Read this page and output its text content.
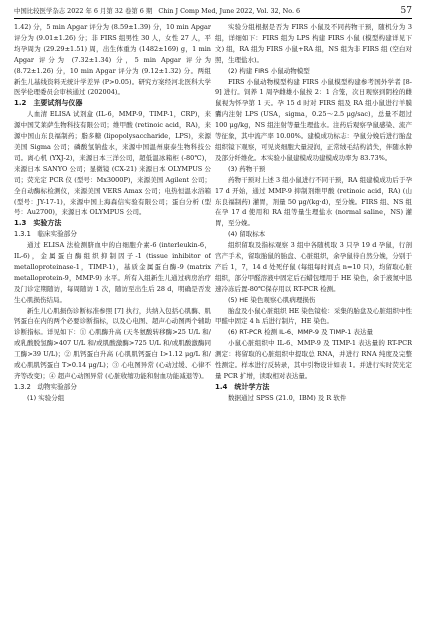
中国比较医学杂志 2022 年 6 月第 32 卷第 6 期 Chin J Comp Med, June 2022, Vol. 32, No. 6	57

1.42) 分，5 min Apgar 评分为 (8.59±1.39) 分，10 min Apgar 评分为 (9.01±1.26) 分；非 FIRS 组男性 30 人，女性 27 人，平均孕周为 (29.29±1.51) 周，出生体重为 (1482±169) g，1 min Apgar 评分为 (7.32±1.34) 分，5 min Apgar 评分为 (8.72±1.26) 分，10 min Apgar 评分为 (9.12±1.32) 分。两组新生儿基线资料无统计学差异 (P>0.05)。研究方案经河北医科大学医学伦理委员会审核通过 (202004)。

1.2　主要试剂与仪器

人血清 ELISA 试剂盒 (IL-6，MMP-9，TIMP-1，CRP)，来源中国艾莱萨生物科技有限公司；维甲酸 (retinoic acid，RA)，来源中国山东良福制药；脂多糖 (lipopolysaccharide，LPS)，来源美国 Sigma 公司；磷酸氢钠盐水，来源中国温州康泰生物科技公司。离心机 (YXJ-2)，来源日本三洋公司，超低温冰箱柜 (-80℃)，来源日本 SANYO 公司；显微镜 (CX-21) 来源日本 OLYMPUS 公司；荧光定 PCR 仪 (型号：Mx3000P)，来源美国 Agilent 公司；全自动酶标检测仪，来源美国 VERS Amax 公司；电热恒温水浴箱 (型号：JY-17-1)，来源中国上海森信实验有限公司；蛋白分析 (型号：Au2700)，来源日本 OLYMPUS 公司。

1.3　实验方法

1.3.1　临床实验部分

通过 ELISA 法检测脐血中的白细胞介素-6 (interleukin-6，IL-6)，金属蛋白酶组织抑制因子-1 (tissue inhibitor of metalloproteinase-1，TIMP-1)，基质金属蛋白酶-9 (matrix metalloprotein-9，MMP-9) 水平。所有入组新生儿通过病房治疗及门诊定期随访，每周随访 1 次，随访至出生后 28 d，明确是否发生心肌损伤结局。

新生儿心肌损伤诊断标准参照 [7] 执行，共纳入包括心肌酶、肌钙蛋白在内的两个必要诊断指标，以及心电图、超声心动图两个辅助诊断指标。详见如下：① 心肌酶升高 (天冬氨酸转移酶>25 U/L 和/或乳酸脱氢酶>407 U/L 和/或肌酸激酶>725 U/L 和/或肌酸激酶同工酶>39 U/L)；② 肌钙蛋白升高 (心肌肌钙蛋白 I>1.12 μg/L 和/或心肌肌钙蛋白 T>0.14 μg/L)；③ 心电图异常 (心动过缓、心律不齐等改变)；④ 超声心动图异常 (心脏收缩功能和射血功能减退等)。

1.3.2　动物实验部分

(1) 实验分组

实验分组根据是否为 FIRS 小鼠及不同药物干预，随机分为 3 组，详细如下：FIRS 组为 LPS 构建 FIRS 小鼠 (模型构建详见下文) 组，RA 组为 FIRS 小鼠+RA 组，NS 组为非 FIRS 组 (空白对照，生理盐水)。

(2) 构建 FIRS 小鼠动物模型

FIRS 小鼠动物模型构建 FIRS 小鼠模型构建参考国外学者 [8-9] 进行。饲养 1 周孕雌雄小鼠按 2：1 合笼，次日观察到阴栓的雌鼠视为怀孕第 1 天。孕 15 d 时对 FIRS 组及 RA 组小鼠进行羊膜囊内注射 LPS (USA，sigma，0.25～2.5 μg/sac)，总量不超过 100 μg/kg，NS 组注射等量生理盐水。注药后观察孕鼠感染、流产等征象，其中流产率 10.00%。建模成功标志：孕鼠分娩后进行胎盘组织镜下观察，可见炎细胞大量浸润，正常绒毛结构消失，伴随水肿及部分纤维化。本实验小鼠建模成功建模成功率为 83.73%。

(3) 药物干预

药物干预对上述 3 组小鼠进行不同干预，RA 组建模成功后于孕 17 d 开始，通过 MMP-9 抑制剂维甲酸 (retinoic acid，RA) (山东良福制药) 灌胃，剂量 50 μg/(kg·d)，至分娩。FIRS 组、NS 组在孕 17 d 使用和 RA 组等量生理盐水 (normal saline，NS) 灌胃，至分娩。

(4) 留取标本

组织留取及指标观察 3 组中各随机取 3 只孕 19 d 孕鼠，行剖宫产手术，留取胎鼠的胎盘、心脏组织，余孕鼠待自然分娩，分别于产后 1，7，14 d 处死仔鼠 (每组每时间点 n=10 只)，均留取心脏组织，部分甲醛溶液中固定后石蜡包埋用于 HE 染色，余于液氮中迅速冷冻后置-80℃保存用以 RT-PCR 检测。

(5) HE 染色观察心肌病理损伤

胎盘及小鼠心脏组织 HE 染色镜检：采集的胎盘及心脏组织中性甲醛中固定 4 h 后进行制片，HE 染色。

(6) RT-PCR 检测 IL-6、MMP-9 及 TIMP-1 表达量

小鼠心脏组织中 IL-6、MMP-9 及 TIMP-1 表达量的 RT-PCR 测定：将留取的心脏组织中提取总 RNA，并进行 RNA 纯度及完整性测定。样本进行反转录，其中引物设计如表 1。并进行实时荧光定量 PCR 扩增，读取相对表达量。

1.4　统计学方法

数据通过 SPSS (21.0，IBM) 及 R 软件
